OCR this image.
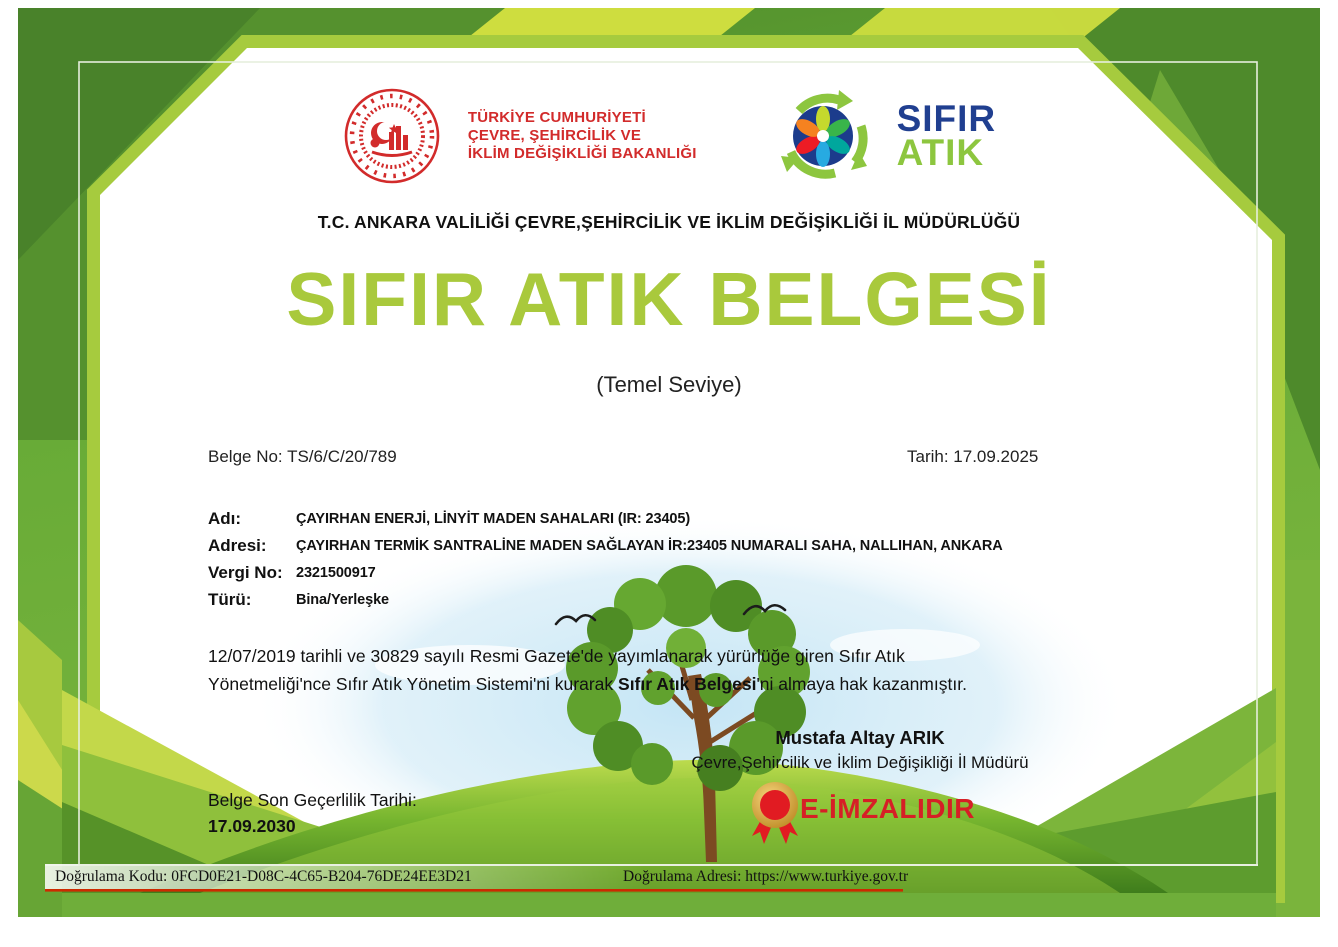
TÜRKİYE CUMHURİYETİ
ÇEVRE, ŞEHİRCİLİK VE
İKLİM DEĞİŞİKLİĞİ BAKANLIĞI
SIFIR
ATIK
T.C. ANKARA VALİLİĞİ ÇEVRE,ŞEHİRCİLİK VE İKLİM DEĞİŞİKLİĞİ İL MÜDÜRLÜĞÜ
SIFIR ATIK BELGESİ
(Temel Seviye)
Belge No: TS/6/C/20/789	Tarih: 17.09.2025
Adı:	ÇAYIRHAN ENERJİ, LİNYİT MADEN SAHALARI (IR: 23405)
Adresi: ÇAYIRHAN TERMİK SANTRALİNE MADEN SAĞLAYAN İR:23405 NUMARALI SAHA, NALLIHAN, ANKARA
Vergi No: 2321500917
Türü:	Bina/Yerleşke
12/07/2019 tarihli ve 30829 sayılı Resmi Gazete'de yayımlanarak yürürlüğe giren Sıfır Atık
Yönetmeliği'nce Sıfır Atık Yönetim Sistemi'ni kurarak Sıfır Atık Belgesi'ni almaya hak kazanmıştır.
Mustafa Altay ARIK
Çevre,Şehircilik ve İklim Değişikliği İl Müdürü
E-İMZALIDIR
Belge Son Geçerlilik Tarihi:
17.09.2030
Doğrulama Kodu: 0FCD0E21-D08C-4C65-B204-76DE24EE3D21	Doğrulama Adresi: https://www.turkiye.gov.tr
